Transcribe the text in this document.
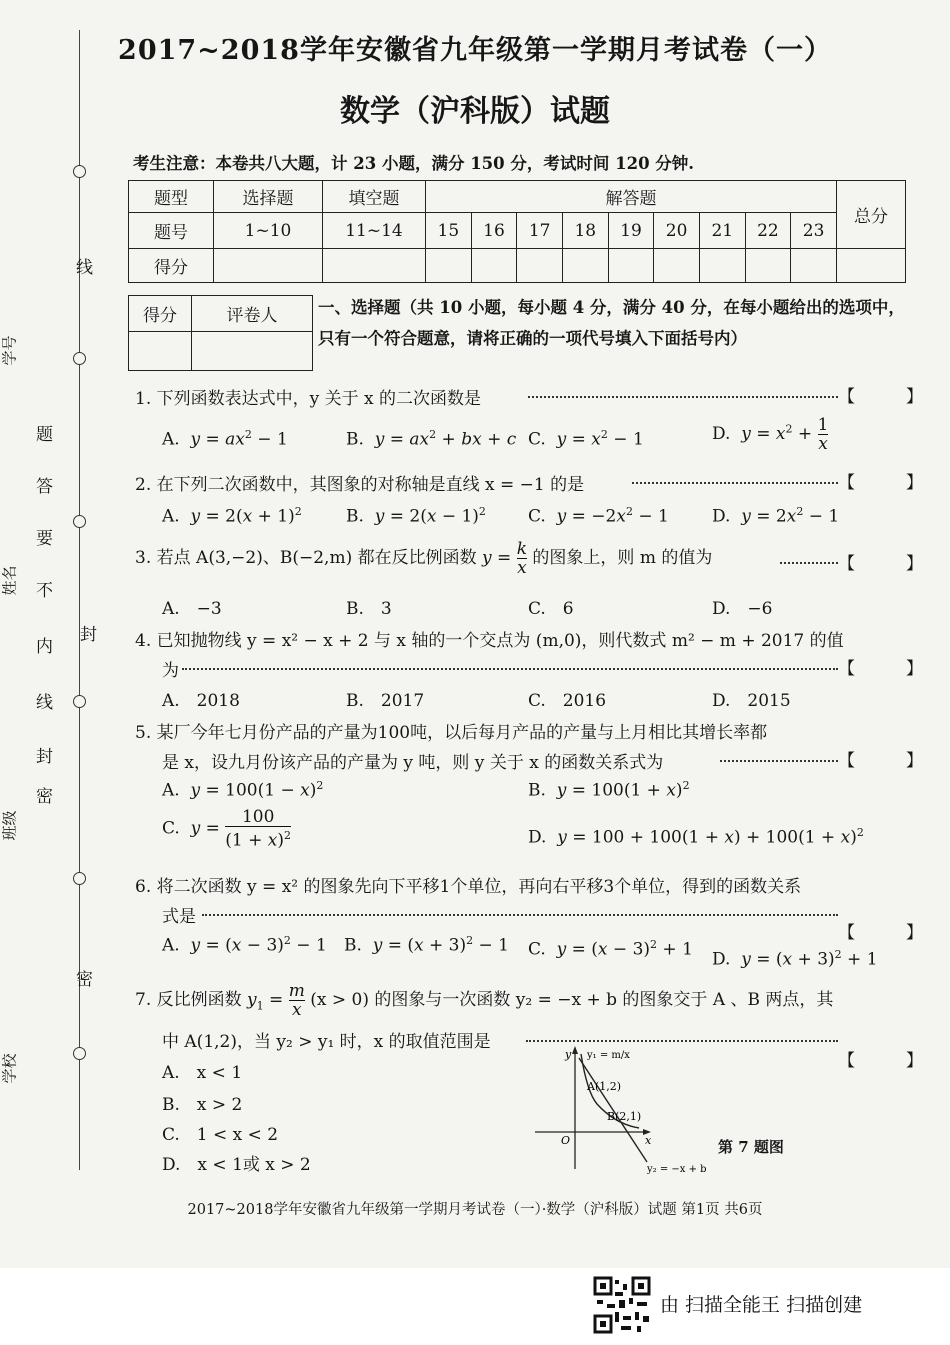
线
题
答
要
不
内
线
封
密
封
密
学号
姓名
班级
学校
2017~2018学年安徽省九年级第一学期月考试卷（一）
数学（沪科版）试题
考生注意：本卷共八大题，计 23 小题，满分 150 分，考试时间 120 分钟.
题型	选择题	填空题	解答题									总分
题号	1~10	11~14	15	16	17	18	19	20	21	22	23	
得分												
得分	评卷人
	一、选择题（共 10 小题，每小题 4 分，满分 40 分，在每小题给出的选项中，只有一个符合题意，请将正确的一项代号填入下面括号内）
1. 下列函数表达式中，y 关于 x 的二次函数是	【　　　】
A. $y = ax^2 - 1$	B. $y = ax^2$ + bx + c C. $y = x^2 - 1$	D. $y = x^2 + \frac{1}{x}$
2. 在下列二次函数中，其图象的对称轴是直线 x = −1 的是	【　　　】
A.  $y = 2(x + 1)^2$	B.  $y = 2(x - 1)^2$ C.  $y = -2x^2 - 1$	D.  $y = 2x^2 - 1$
3. 若点 A(3,−2)、B(−2,m) 都在反比例函数 $y = \frac{k}{x}$ 的图象上，则 m 的值为	【　　　】
A.　−3	B.　3	C.　6	D.　−6
4. 已知抛物线 y = x² − x + 2 与 x 轴的一个交点为 (m,0)，则代数式 m² − m + 2017 的值
为	【　　　】
A.　2018	B.　2017	C.　2016	D.　2015
5. 某厂今年七月份产品的产量为100吨，以后每月产品的产量与上月相比其增长率都
是 x，设九月份该产品的产量为 y 吨，则 y 关于 x 的函数关系式为	【　　　】
A.  $y = 100(1 - x)^2$	B.  $y = 100(1 + x)^2$
C.  $y = \frac{100}{(1 + x)^2}$	D.  $y = 100 + 100(1 + x) + 100(1 + x)^2$
6. 将二次函数 y = x² 的图象先向下平移1个单位，再向右平移3个单位，得到的函数关系
式是
【　　　】
A.  $y = (x - 3)^2 - 1$ B.  $y = (x + 3)^2 - 1$ C.  $y = (x - 3)^2 + 1$ D.  $y = (x + 3)^2 + 1$
7. 反比例函数 $y_1 = \frac{m}{x} (x > 0)$ 的图象与一次函数 y₂ = −x + b 的图象交于 A 、B 两点，其
中 A(1,2)，当 y₂ > y₁ 时，x 的取值范围是
【　　　】
A.　x < 1
B.　x > 2
C.　1 < x < 2
D.　x < 1或 x > 2
y
x
O
A(1,2)
B(2,1)
y₁ = m/x
y₂ = −x + b
第 7 题图
2017~2018学年安徽省九年级第一学期月考试卷（一）·数学（沪科版）试题 第1页 共6页
由 扫描全能王 扫描创建
